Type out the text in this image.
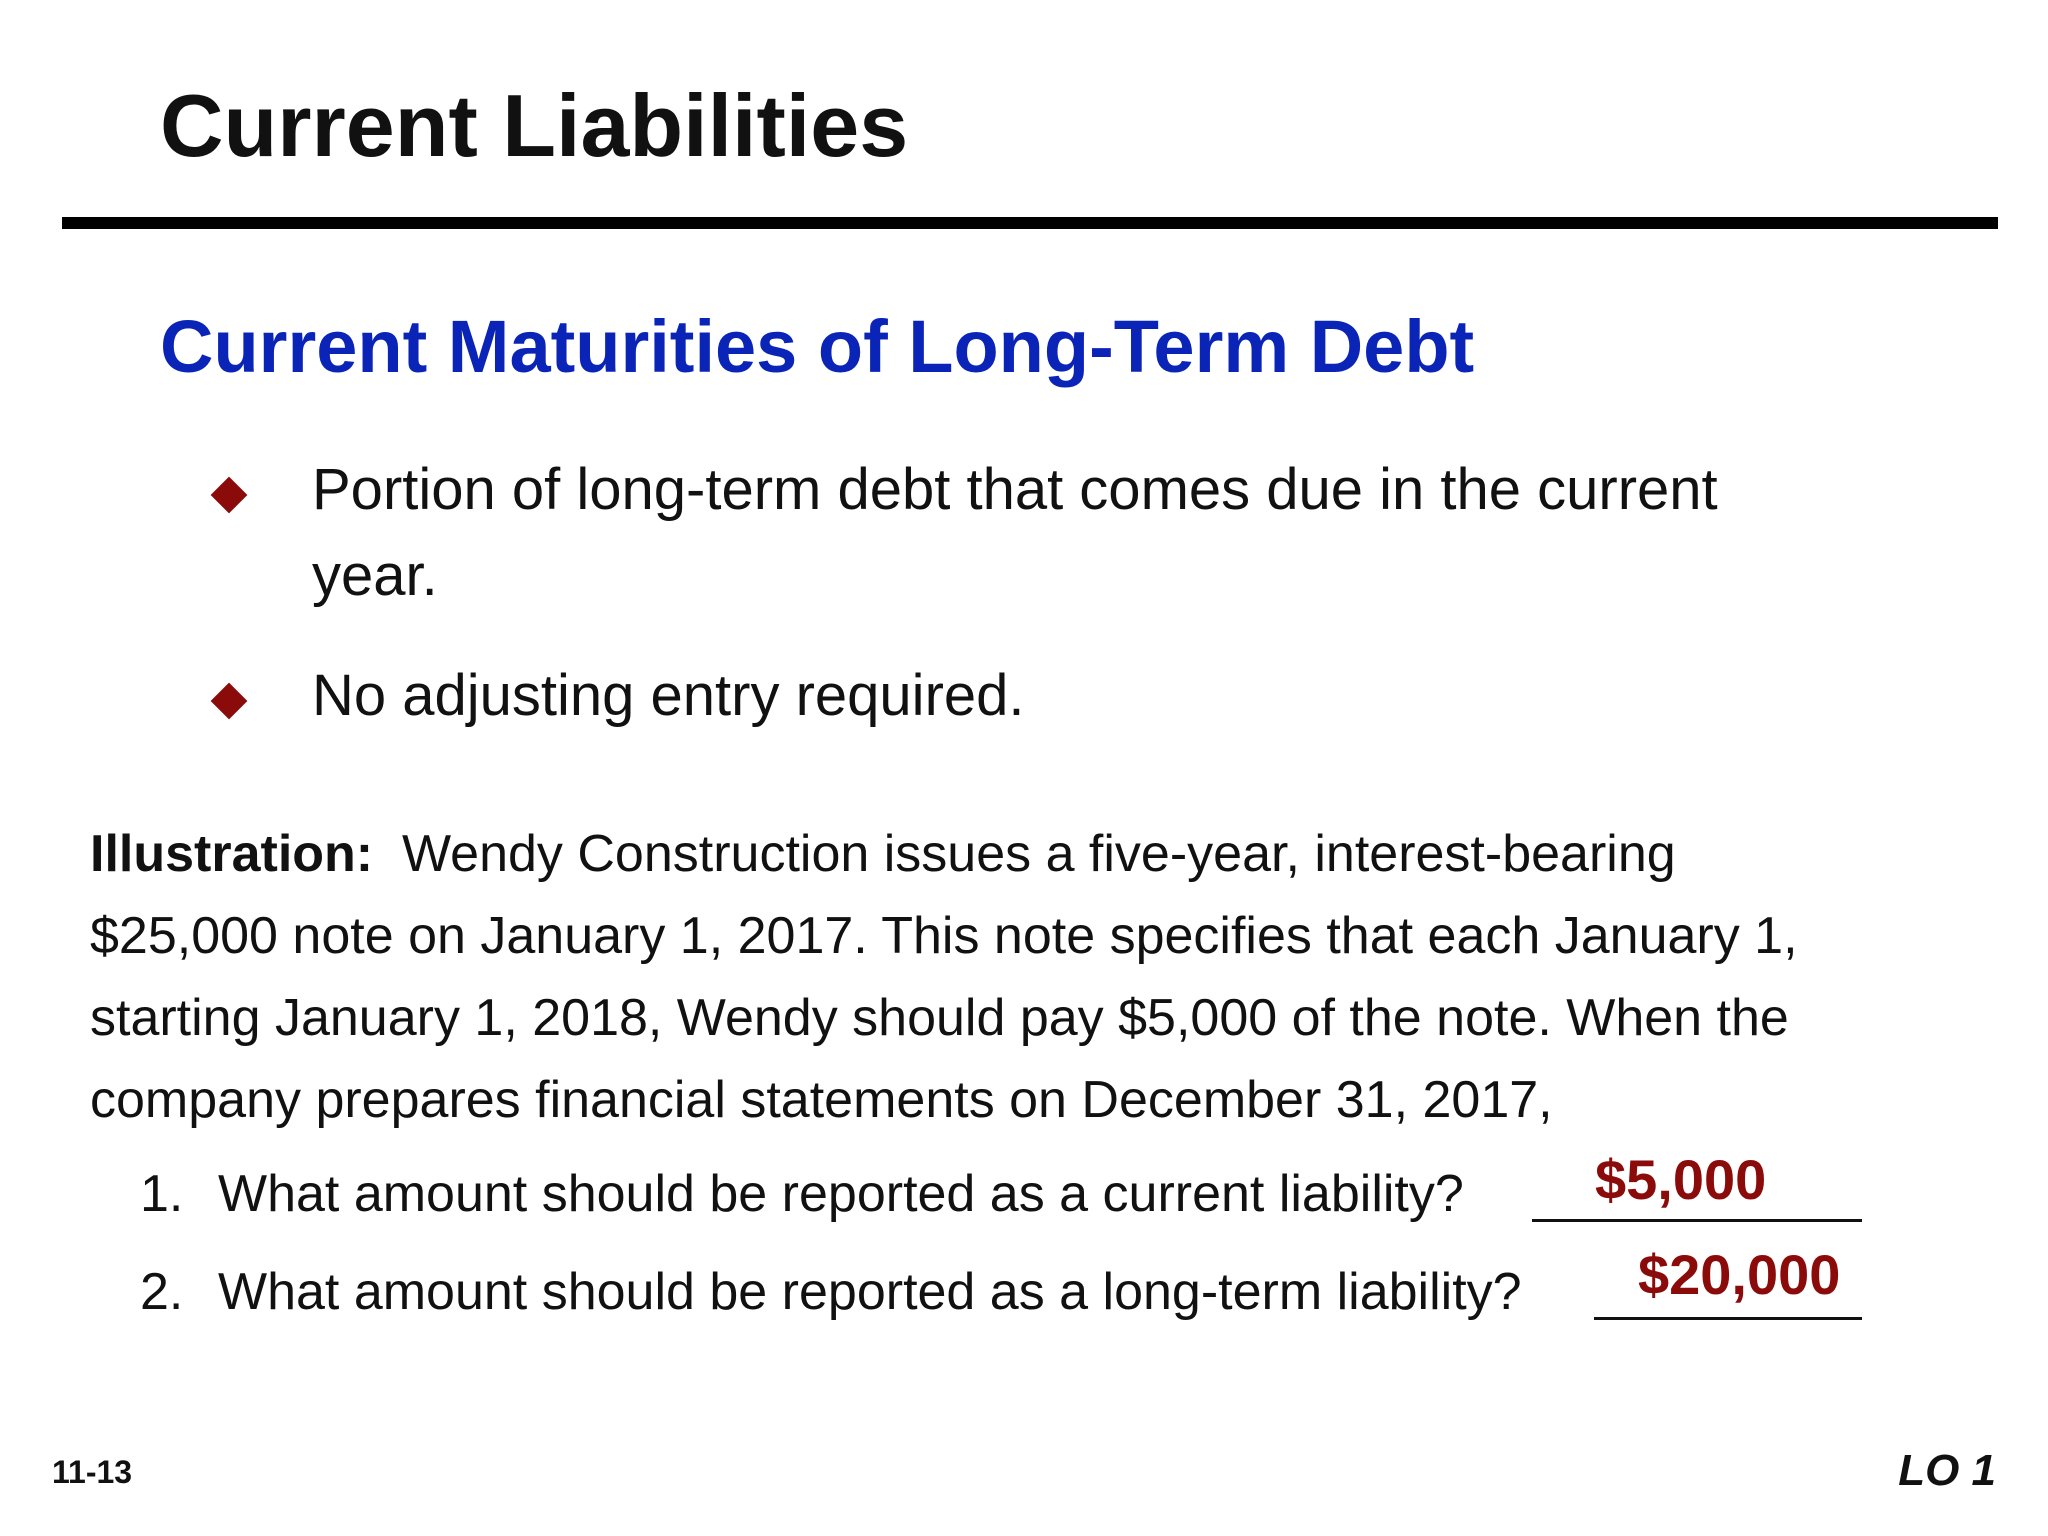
Current Liabilities
Current Maturities of Long-Term Debt
Portion of long-term debt that comes due in the current year.
No adjusting entry required.
Illustration: Wendy Construction issues a five-year, interest-bearing
$25,000 note on January 1, 2017. This note specifies that each January 1,
starting January 1, 2018, Wendy should pay $5,000 of the note. When the
company prepares financial statements on December 31, 2017,
1. What amount should be reported as a current liability? $5,000
2. What amount should be reported as a long-term liability? $20,000
11-13	LO 1
